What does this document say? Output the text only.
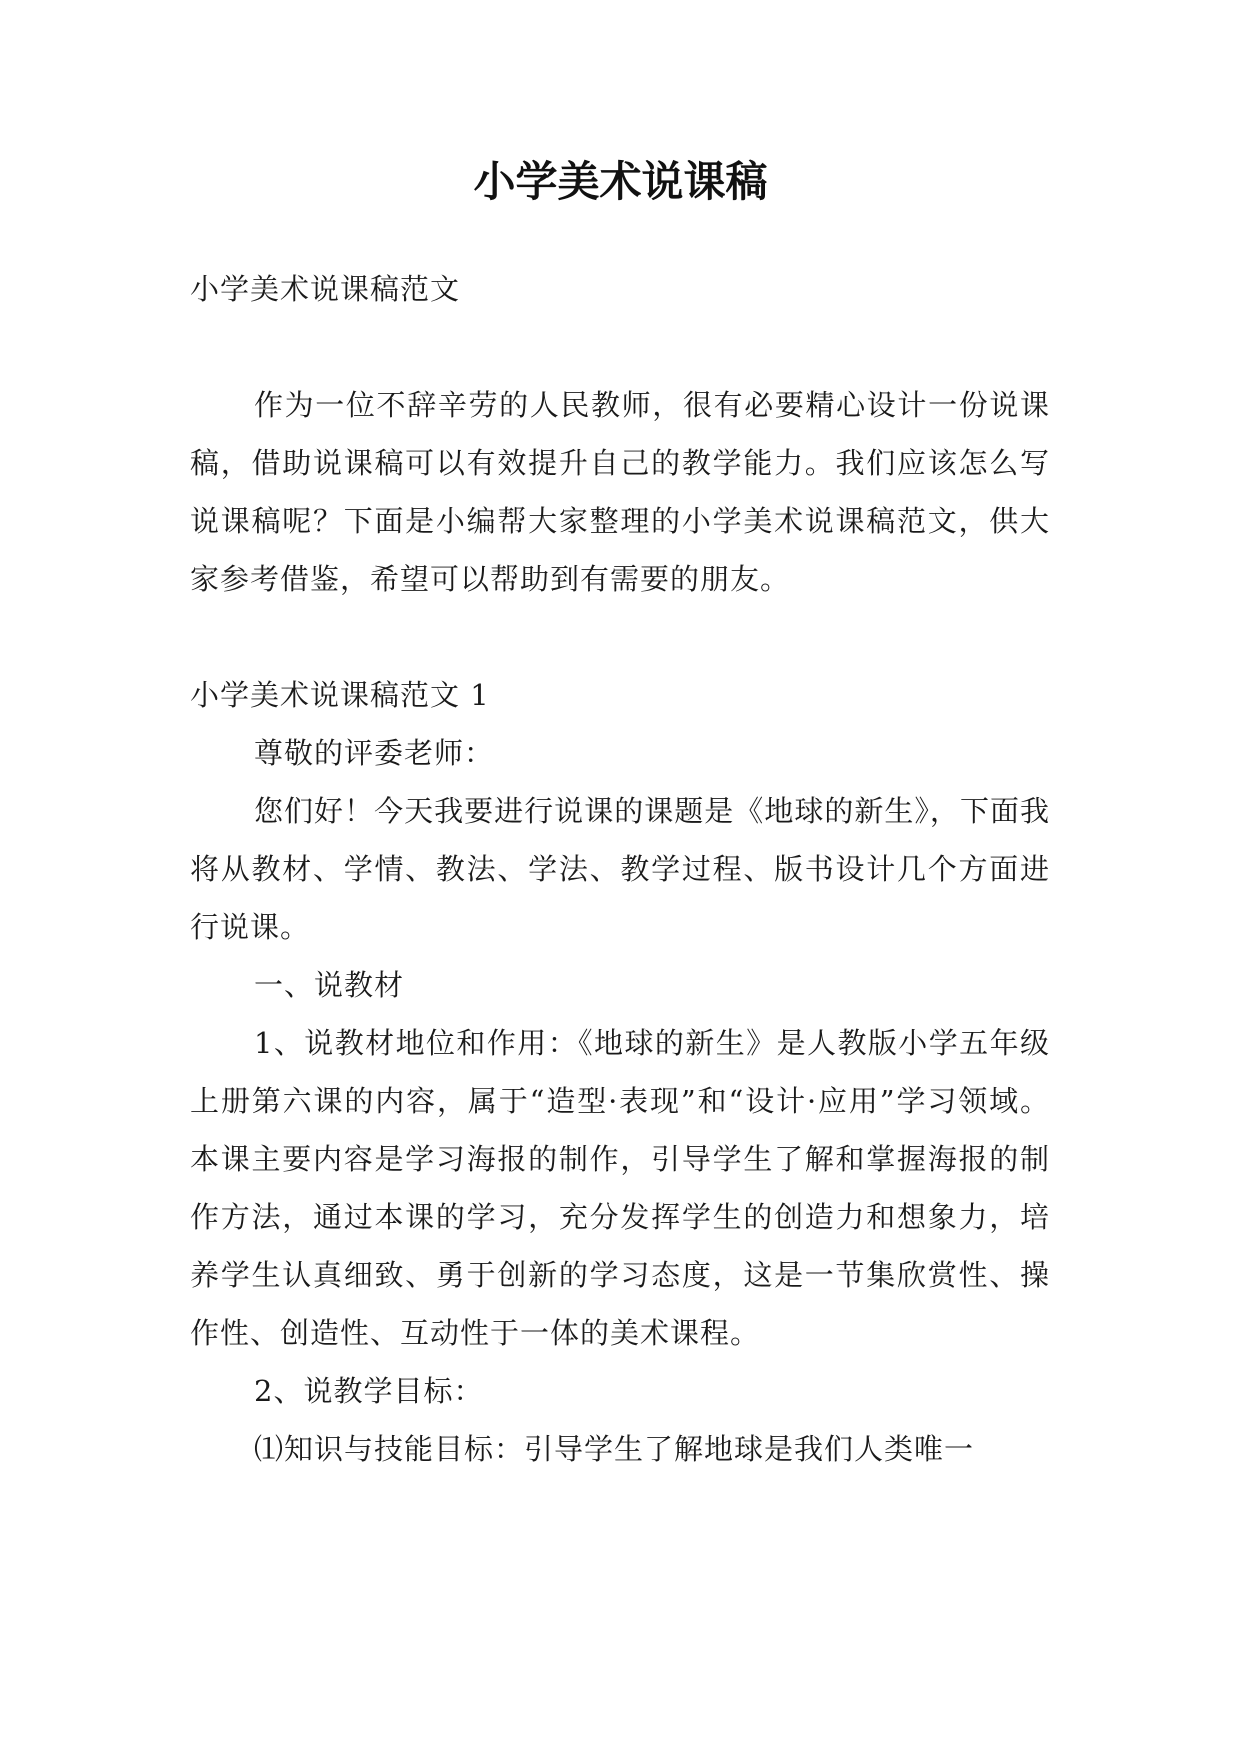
小学美术说课稿

小学美术说课稿范文

作为一位不辞辛劳的人民教师，很有必要精心设计一份说课稿，借助说课稿可以有效提升自己的教学能力。我们应该怎么写说课稿呢？下面是小编帮大家整理的小学美术说课稿范文，供大家参考借鉴，希望可以帮助到有需要的朋友。

小学美术说课稿范文 1

尊敬的评委老师：

您们好！今天我要进行说课的课题是《地球的新生》，下面我将从教材、学情、教法、学法、教学过程、版书设计几个方面进行说课。

一、说教材

1、说教材地位和作用：《地球的新生》是人教版小学五年级上册第六课的内容，属于“造型·表现”和“设计·应用”学习领域。本课主要内容是学习海报的制作，引导学生了解和掌握海报的制作方法，通过本课的学习，充分发挥学生的创造力和想象力，培养学生认真细致、勇于创新的学习态度，这是一节集欣赏性、操作性、创造性、互动性于一体的美术课程。

2、说教学目标：

⑴知识与技能目标：引导学生了解地球是我们人类唯一
